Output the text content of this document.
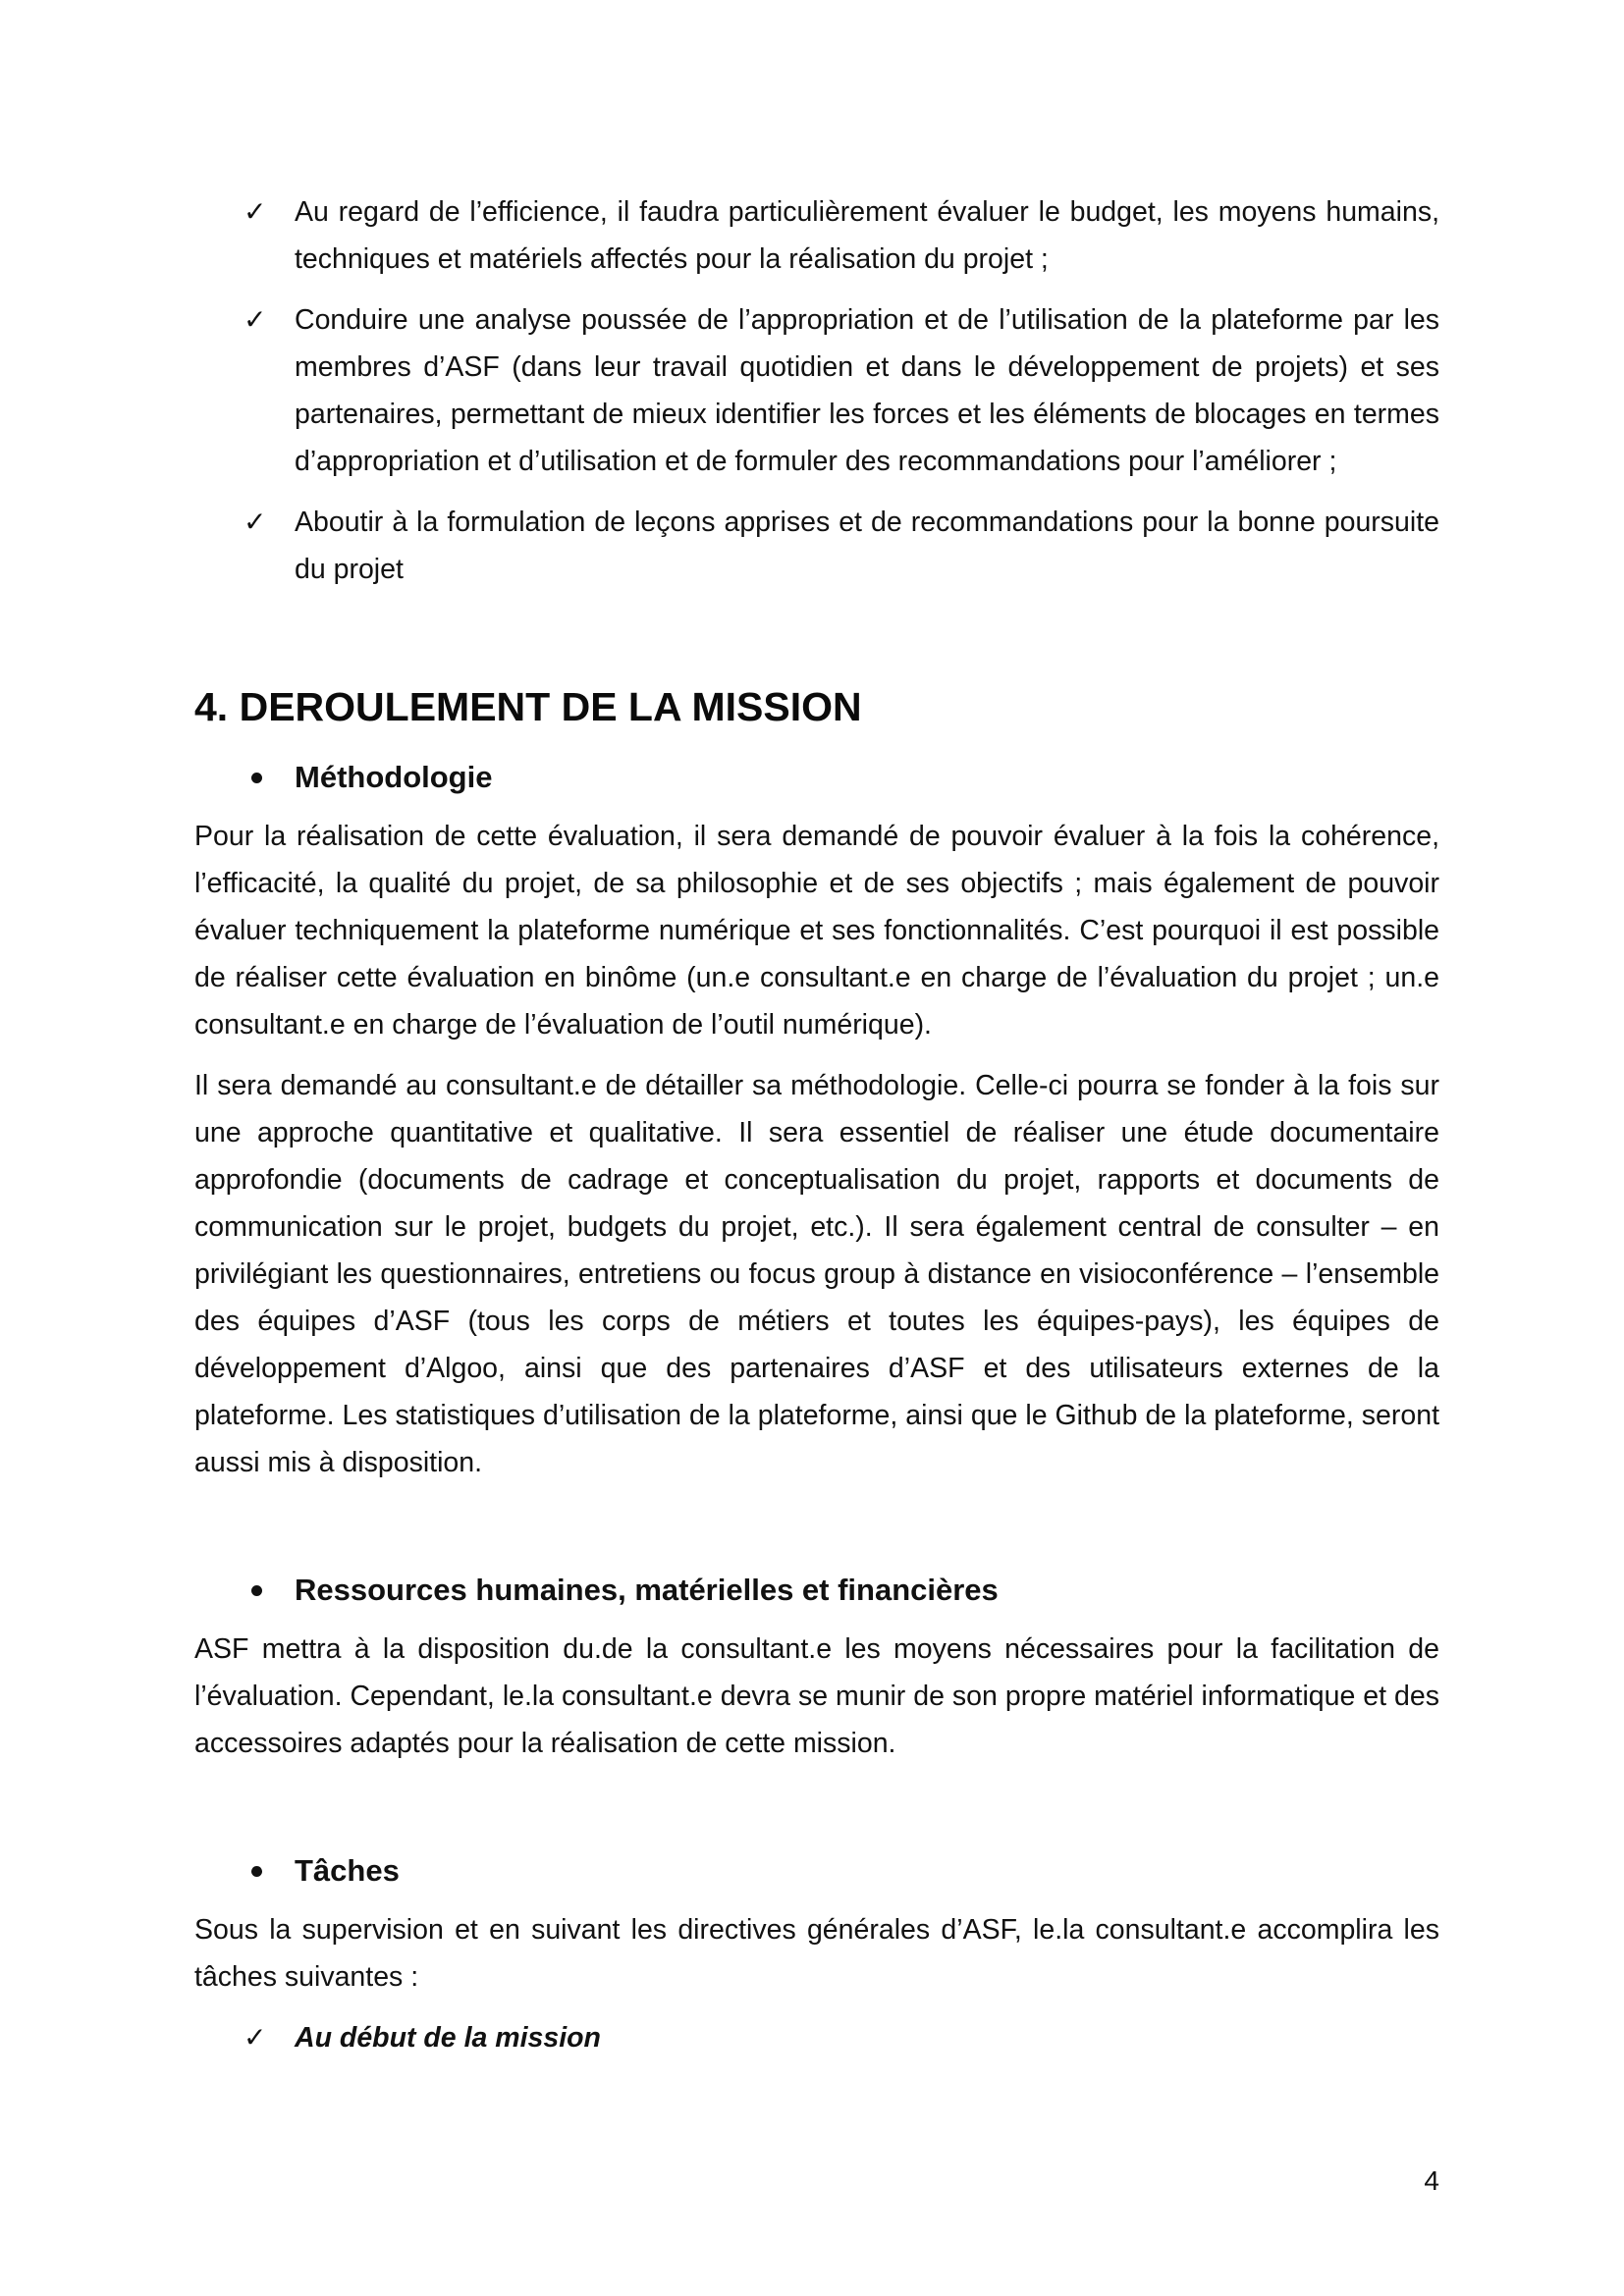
✓ Au regard de l’efficience, il faudra particulièrement évaluer le budget, les moyens humains, techniques et matériels affectés pour la réalisation du projet ;

✓ Conduire une analyse poussée de l’appropriation et de l’utilisation de la plateforme par les membres d’ASF (dans leur travail quotidien et dans le développement de projets) et ses partenaires, permettant de mieux identifier les forces et les éléments de blocages en termes d’appropriation et d’utilisation et de formuler des recommandations pour l’améliorer ;

✓ Aboutir à la formulation de leçons apprises et de recommandations pour la bonne poursuite du projet

4. DEROULEMENT DE LA MISSION
Méthodologie

Pour la réalisation de cette évaluation, il sera demandé de pouvoir évaluer à la fois la cohérence, l’efficacité, la qualité du projet, de sa philosophie et de ses objectifs ; mais également de pouvoir évaluer techniquement la plateforme numérique et ses fonctionnalités. C’est pourquoi il est possible de réaliser cette évaluation en binôme (un.e consultant.e en charge de l’évaluation du projet ; un.e consultant.e en charge de l’évaluation de l’outil numérique).

Il sera demandé au consultant.e de détailler sa méthodologie. Celle-ci pourra se fonder à la fois sur une approche quantitative et qualitative. Il sera essentiel de réaliser une étude documentaire approfondie (documents de cadrage et conceptualisation du projet, rapports et documents de communication sur le projet, budgets du projet, etc.). Il sera également central de consulter – en privilégiant les questionnaires, entretiens ou focus group à distance en visioconférence – l’ensemble des équipes d’ASF (tous les corps de métiers et toutes les équipes-pays), les équipes de développement d’Algoo, ainsi que des partenaires d’ASF et des utilisateurs externes de la plateforme. Les statistiques d’utilisation de la plateforme, ainsi que le Github de la plateforme, seront aussi mis à disposition.

Ressources humaines, matérielles et financières

ASF mettra à la disposition du.de la consultant.e les moyens nécessaires pour la facilitation de l’évaluation. Cependant, le.la consultant.e devra se munir de son propre matériel informatique et des accessoires adaptés pour la réalisation de cette mission.

Tâches

Sous la supervision et en suivant les directives générales d’ASF, le.la consultant.e accomplira les tâches suivantes :

✓ Au début de la mission

4
